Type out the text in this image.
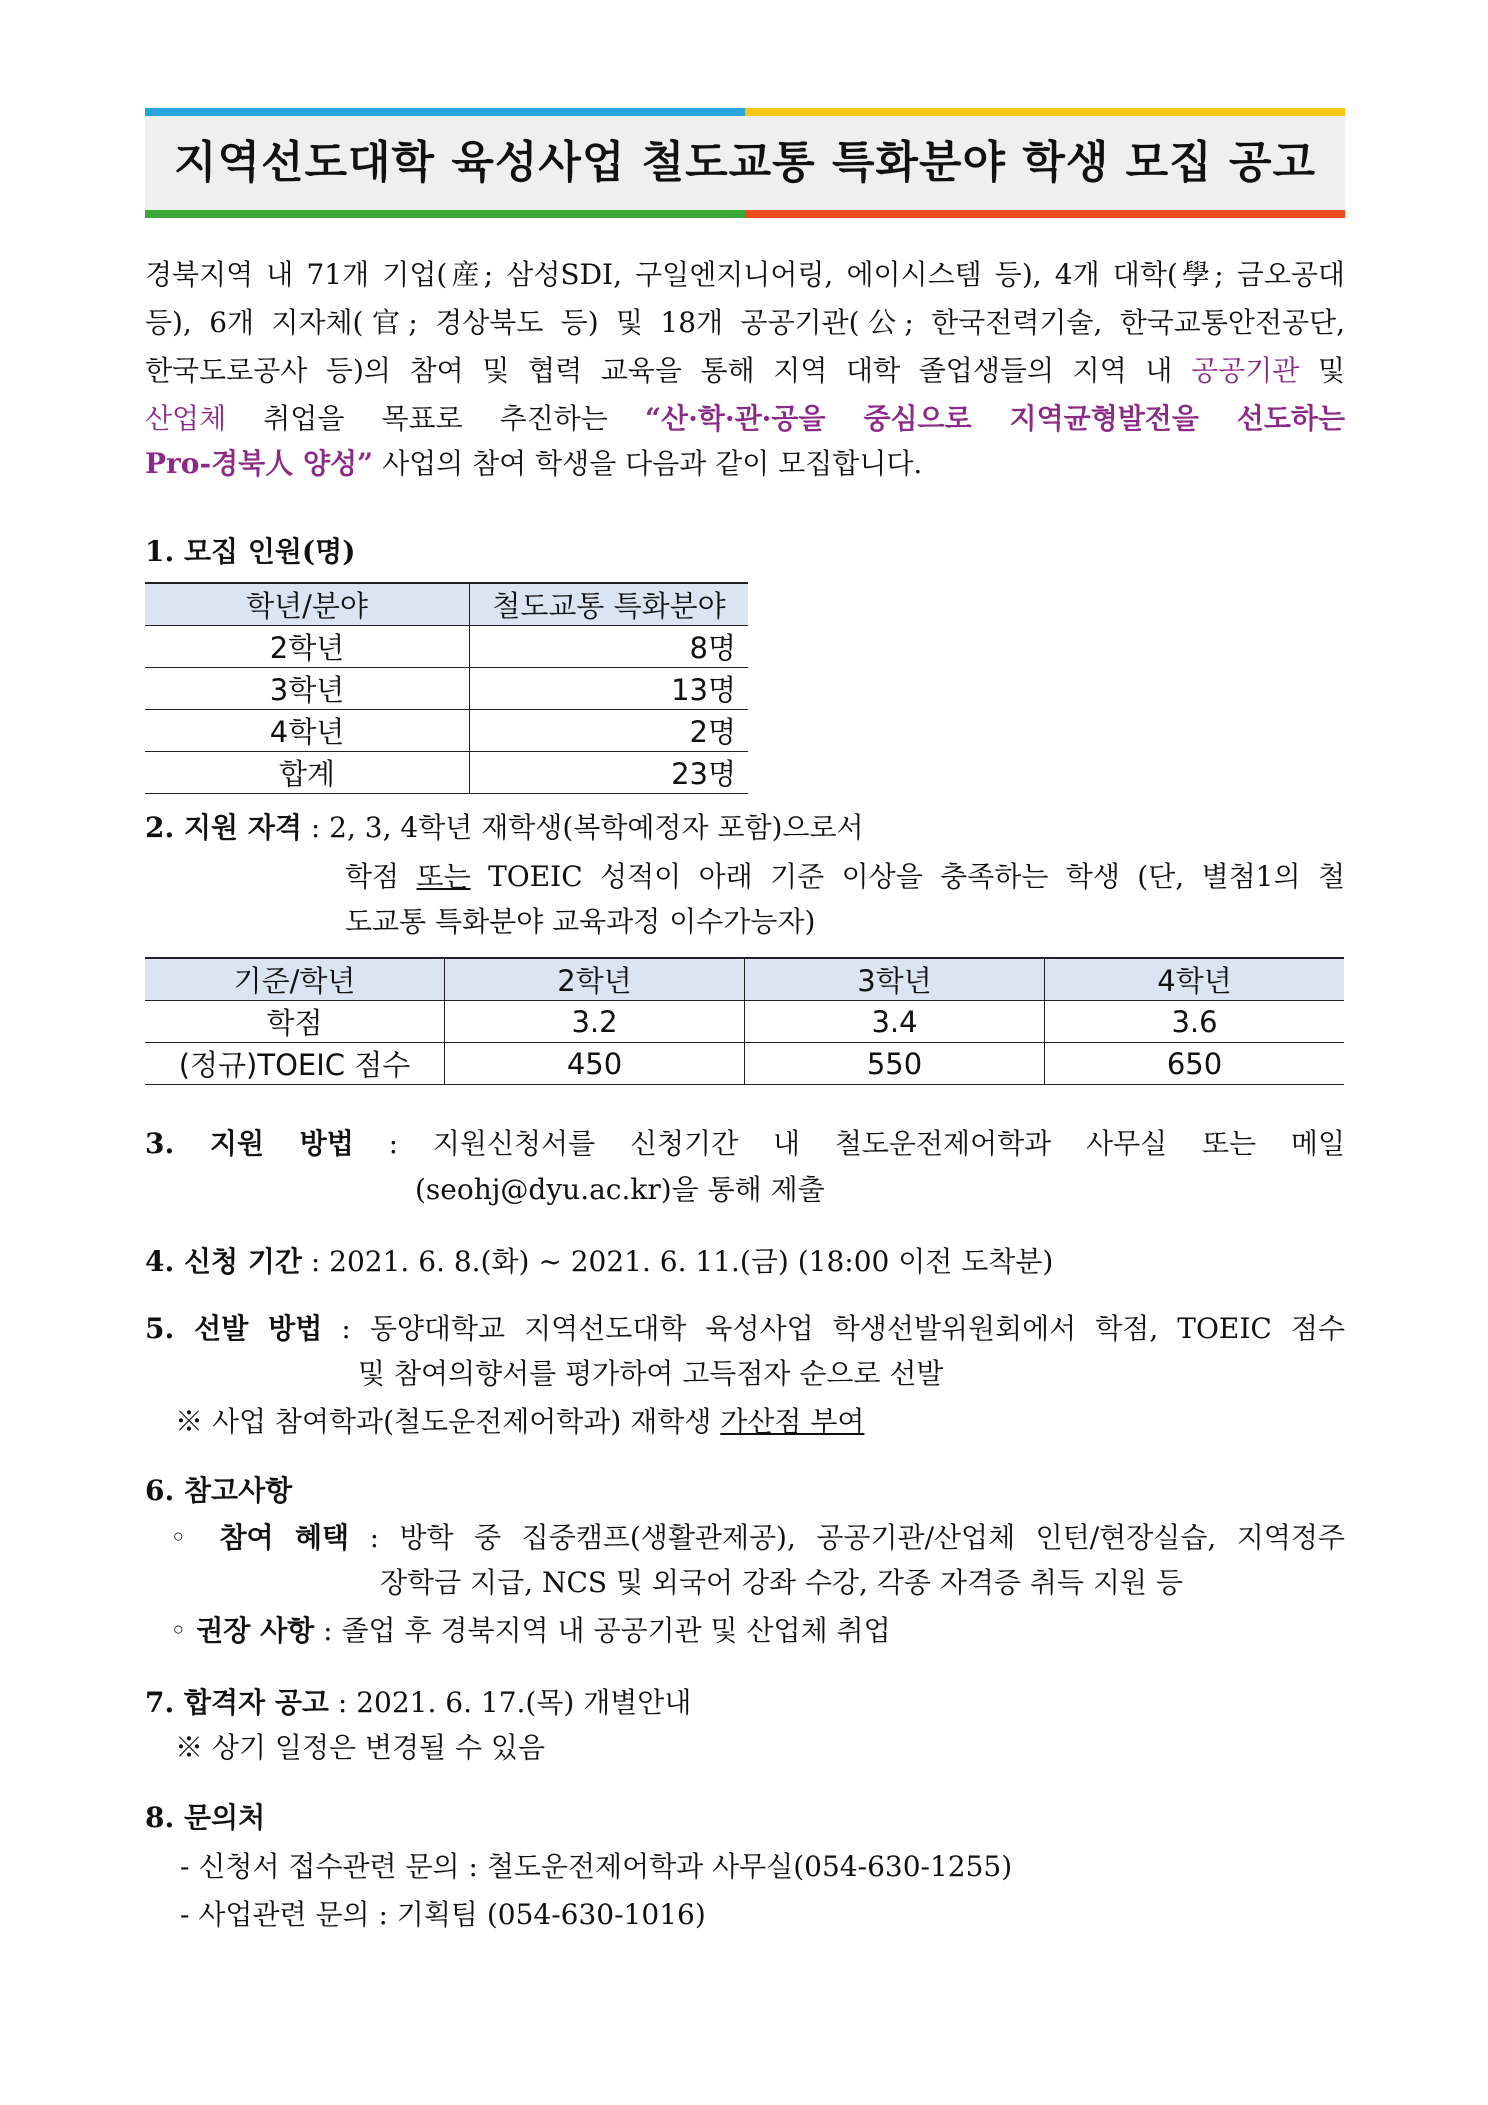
지역선도대학 육성사업 철도교통 특화분야 학생 모집 공고
경북지역 내 71개 기업(産; 삼성SDI, 구일엔지니어링, 에이시스템 등), 4개 대학(學; 금오공대
등), 6개 지자체(官; 경상북도 등) 및 18개 공공기관(公; 한국전력기술, 한국교통안전공단,
한국도로공사 등)의 참여 및 협력 교육을 통해 지역 대학 졸업생들의 지역 내 공공기관 및
산업체 취업을 목표로 추진하는 “산·학·관·공을 중심으로 지역균형발전을 선도하는
Pro-경북人 양성” 사업의 참여 학생을 다음과 같이 모집합니다.
1. 모집 인원(명)
학년/분야	철도교통 특화분야
2학년	8명
3학년	13명
4학년	2명
합계	23명
2. 지원 자격 : 2, 3, 4학년 재학생(복학예정자 포함)으로서
학점 또는 TOEIC 성적이 아래 기준 이상을 충족하는 학생 (단, 별첨1의 철
도교통 특화분야 교육과정 이수가능자)
기준/학년	2학년	3학년	4학년
학점	3.2	3.4	3.6
(정규)TOEIC 점수	450	550	650
3. 지원 방법 : 지원신청서를 신청기간 내 철도운전제어학과 사무실 또는 메일
(seohj@dyu.ac.kr)을 통해 제출
4. 신청 기간 : 2021. 6. 8.(화) ~ 2021. 6. 11.(금) (18:00 이전 도착분)
5. 선발 방법 : 동양대학교 지역선도대학 육성사업 학생선발위원회에서 학점, TOEIC 점수
및 참여의향서를 평가하여 고득점자 순으로 선발
※ 사업 참여학과(철도운전제어학과) 재학생 가산점 부여
6. 참고사항
◦ 참여 혜택 : 방학 중 집중캠프(생활관제공), 공공기관/산업체 인턴/현장실습, 지역정주
장학금 지급, NCS 및 외국어 강좌 수강, 각종 자격증 취득 지원 등
◦ 권장 사항 : 졸업 후 경북지역 내 공공기관 및 산업체 취업
7. 합격자 공고 : 2021. 6. 17.(목) 개별안내
※ 상기 일정은 변경될 수 있음
8. 문의처
- 신청서 접수관련 문의 : 철도운전제어학과 사무실(054-630-1255)
- 사업관련 문의 : 기획팀 (054-630-1016)
